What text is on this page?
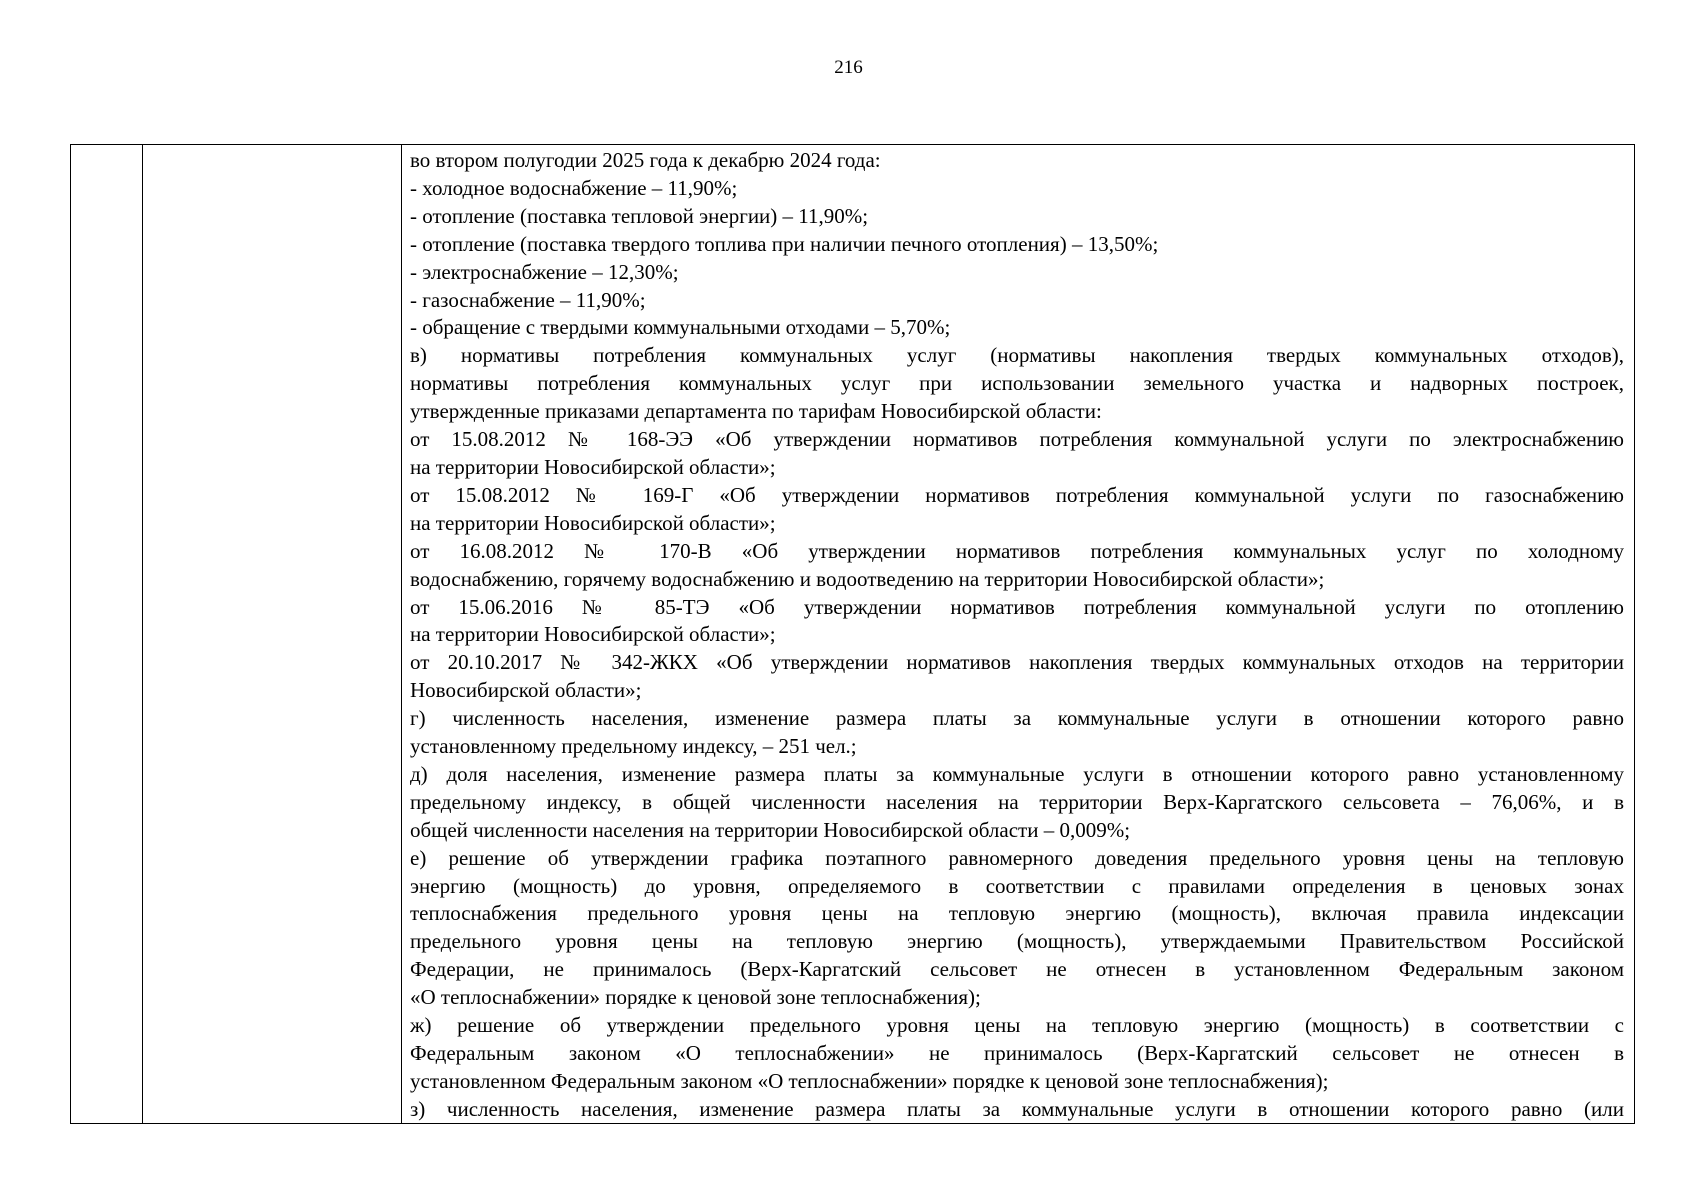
216
во втором полугодии 2025 года к декабрю 2024 года:
- холодное водоснабжение – 11,90%;
- отопление (поставка тепловой энергии) – 11,90%;
- отопление (поставка твердого топлива при наличии печного отопления) – 13,50%;
- электроснабжение – 12,30%;
- газоснабжение – 11,90%;
- обращение с твердыми коммунальными отходами – 5,70%;
в) нормативы потребления коммунальных услуг (нормативы накопления твердых коммунальных отходов),
нормативы потребления коммунальных услуг при использовании земельного участка и надворных построек,
утвержденные приказами департамента по тарифам Новосибирской области:
от 15.08.2012 № 168-ЭЭ «Об утверждении нормативов потребления коммунальной услуги по электроснабжению
на территории Новосибирской области»;
от 15.08.2012 № 169-Г «Об утверждении нормативов потребления коммунальной услуги по газоснабжению
на территории Новосибирской области»;
от 16.08.2012 № 170-В «Об утверждении нормативов потребления коммунальных услуг по холодному
водоснабжению, горячему водоснабжению и водоотведению на территории Новосибирской области»;
от 15.06.2016 № 85-ТЭ «Об утверждении нормативов потребления коммунальной услуги по отоплению
на территории Новосибирской области»;
от 20.10.2017 № 342-ЖКХ «Об утверждении нормативов накопления твердых коммунальных отходов на территории
Новосибирской области»;
г) численность населения, изменение размера платы за коммунальные услуги в отношении которого равно
установленному предельному индексу, – 251 чел.;
д) доля населения, изменение размера платы за коммунальные услуги в отношении которого равно установленному
предельному индексу, в общей численности населения на территории Верх-Каргатского сельсовета – 76,06%, и в
общей численности населения на территории Новосибирской области – 0,009%;
е) решение об утверждении графика поэтапного равномерного доведения предельного уровня цены на тепловую
энергию (мощность) до уровня, определяемого в соответствии с правилами определения в ценовых зонах
теплоснабжения предельного уровня цены на тепловую энергию (мощность), включая правила индексации
предельного уровня цены на тепловую энергию (мощность), утверждаемыми Правительством Российской
Федерации, не принималось (Верх-Каргатский сельсовет не отнесен в установленном Федеральным законом
«О теплоснабжении» порядке к ценовой зоне теплоснабжения);
ж) решение об утверждении предельного уровня цены на тепловую энергию (мощность) в соответствии с
Федеральным законом «О теплоснабжении» не принималось (Верх-Каргатский сельсовет не отнесен в
установленном Федеральным законом «О теплоснабжении» порядке к ценовой зоне теплоснабжения);
з) численность населения, изменение размера платы за коммунальные услуги в отношении которого равно (или
